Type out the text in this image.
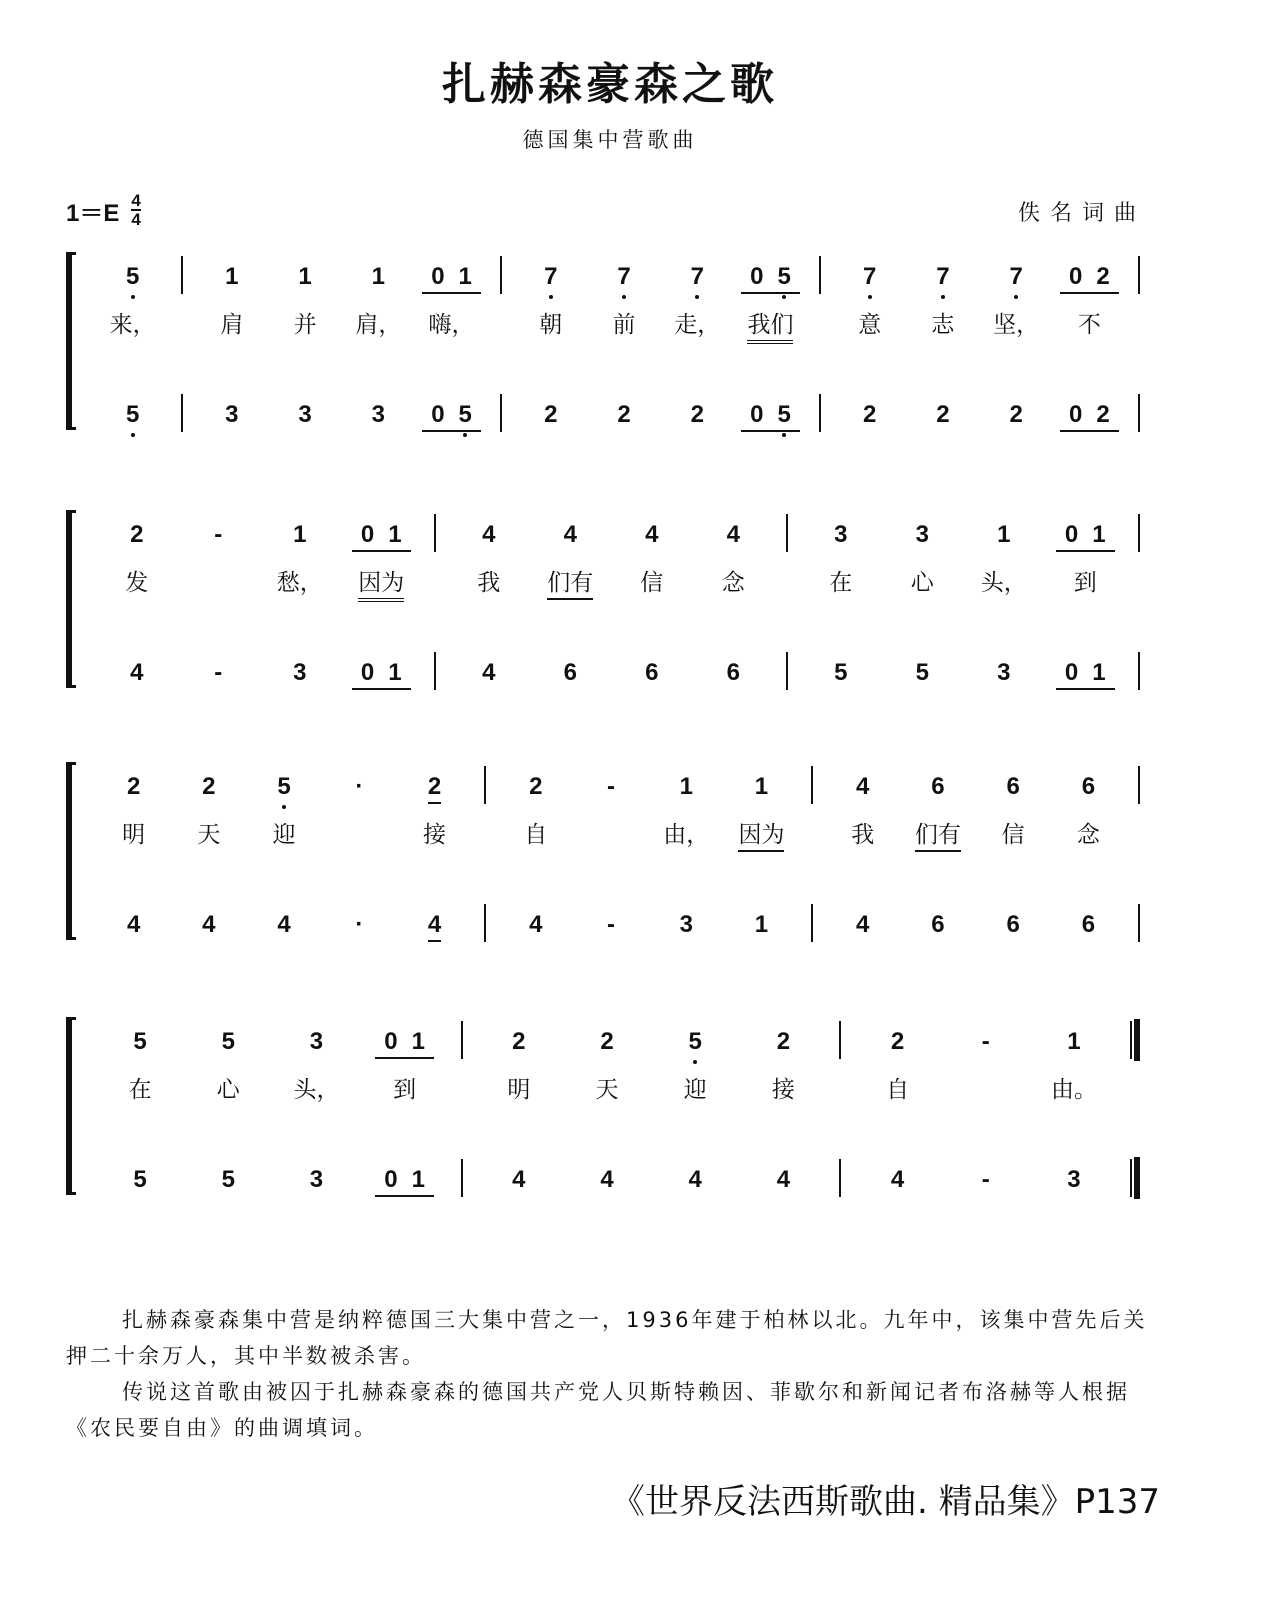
扎赫森豪森之歌
德国集中营歌曲
1＝E 4
4	佚名词曲
5
来，
5
1
肩
3
1
并
3
1
肩，
3
0 1
嗨，
0 5
7
朝
2
7
前
2
7
走，
2
0 5
我们
0 5
7
意
2
7
志
2
7
坚，
2
0 2
不
0 2
2
发
4
-
-
1
愁，
3
0 1
因为
0 1
4
我
4
4
们有
6
4
信
6
4
念
6
3
在
5
3
心
5
1
头，
3
0 1
到
0 1
2
明
4
2
天
4
5
迎
4
·
·
2
接
4
2
自
4
-
-
1
由，
3
1
因为
1
4
我
4
6
们有
6
6
信
6
6
念
6
5
在
5
5
心
5
3
头，
3
0 1
到
0 1
2
明
4
2
天
4
5
迎
4
2
接
4
2
自
4
-
-
1
由。
3

扎赫森豪森集中营是纳粹德国三大集中营之一，1936年建于柏林以北。九年中，该集中营先后关押二十余万人，其中半数被杀害。

传说这首歌由被囚于扎赫森豪森的德国共产党人贝斯特赖因、菲歇尔和新闻记者布洛赫等人根据《农民要自由》的曲调填词。

《世界反法西斯歌曲. 精品集》P137
